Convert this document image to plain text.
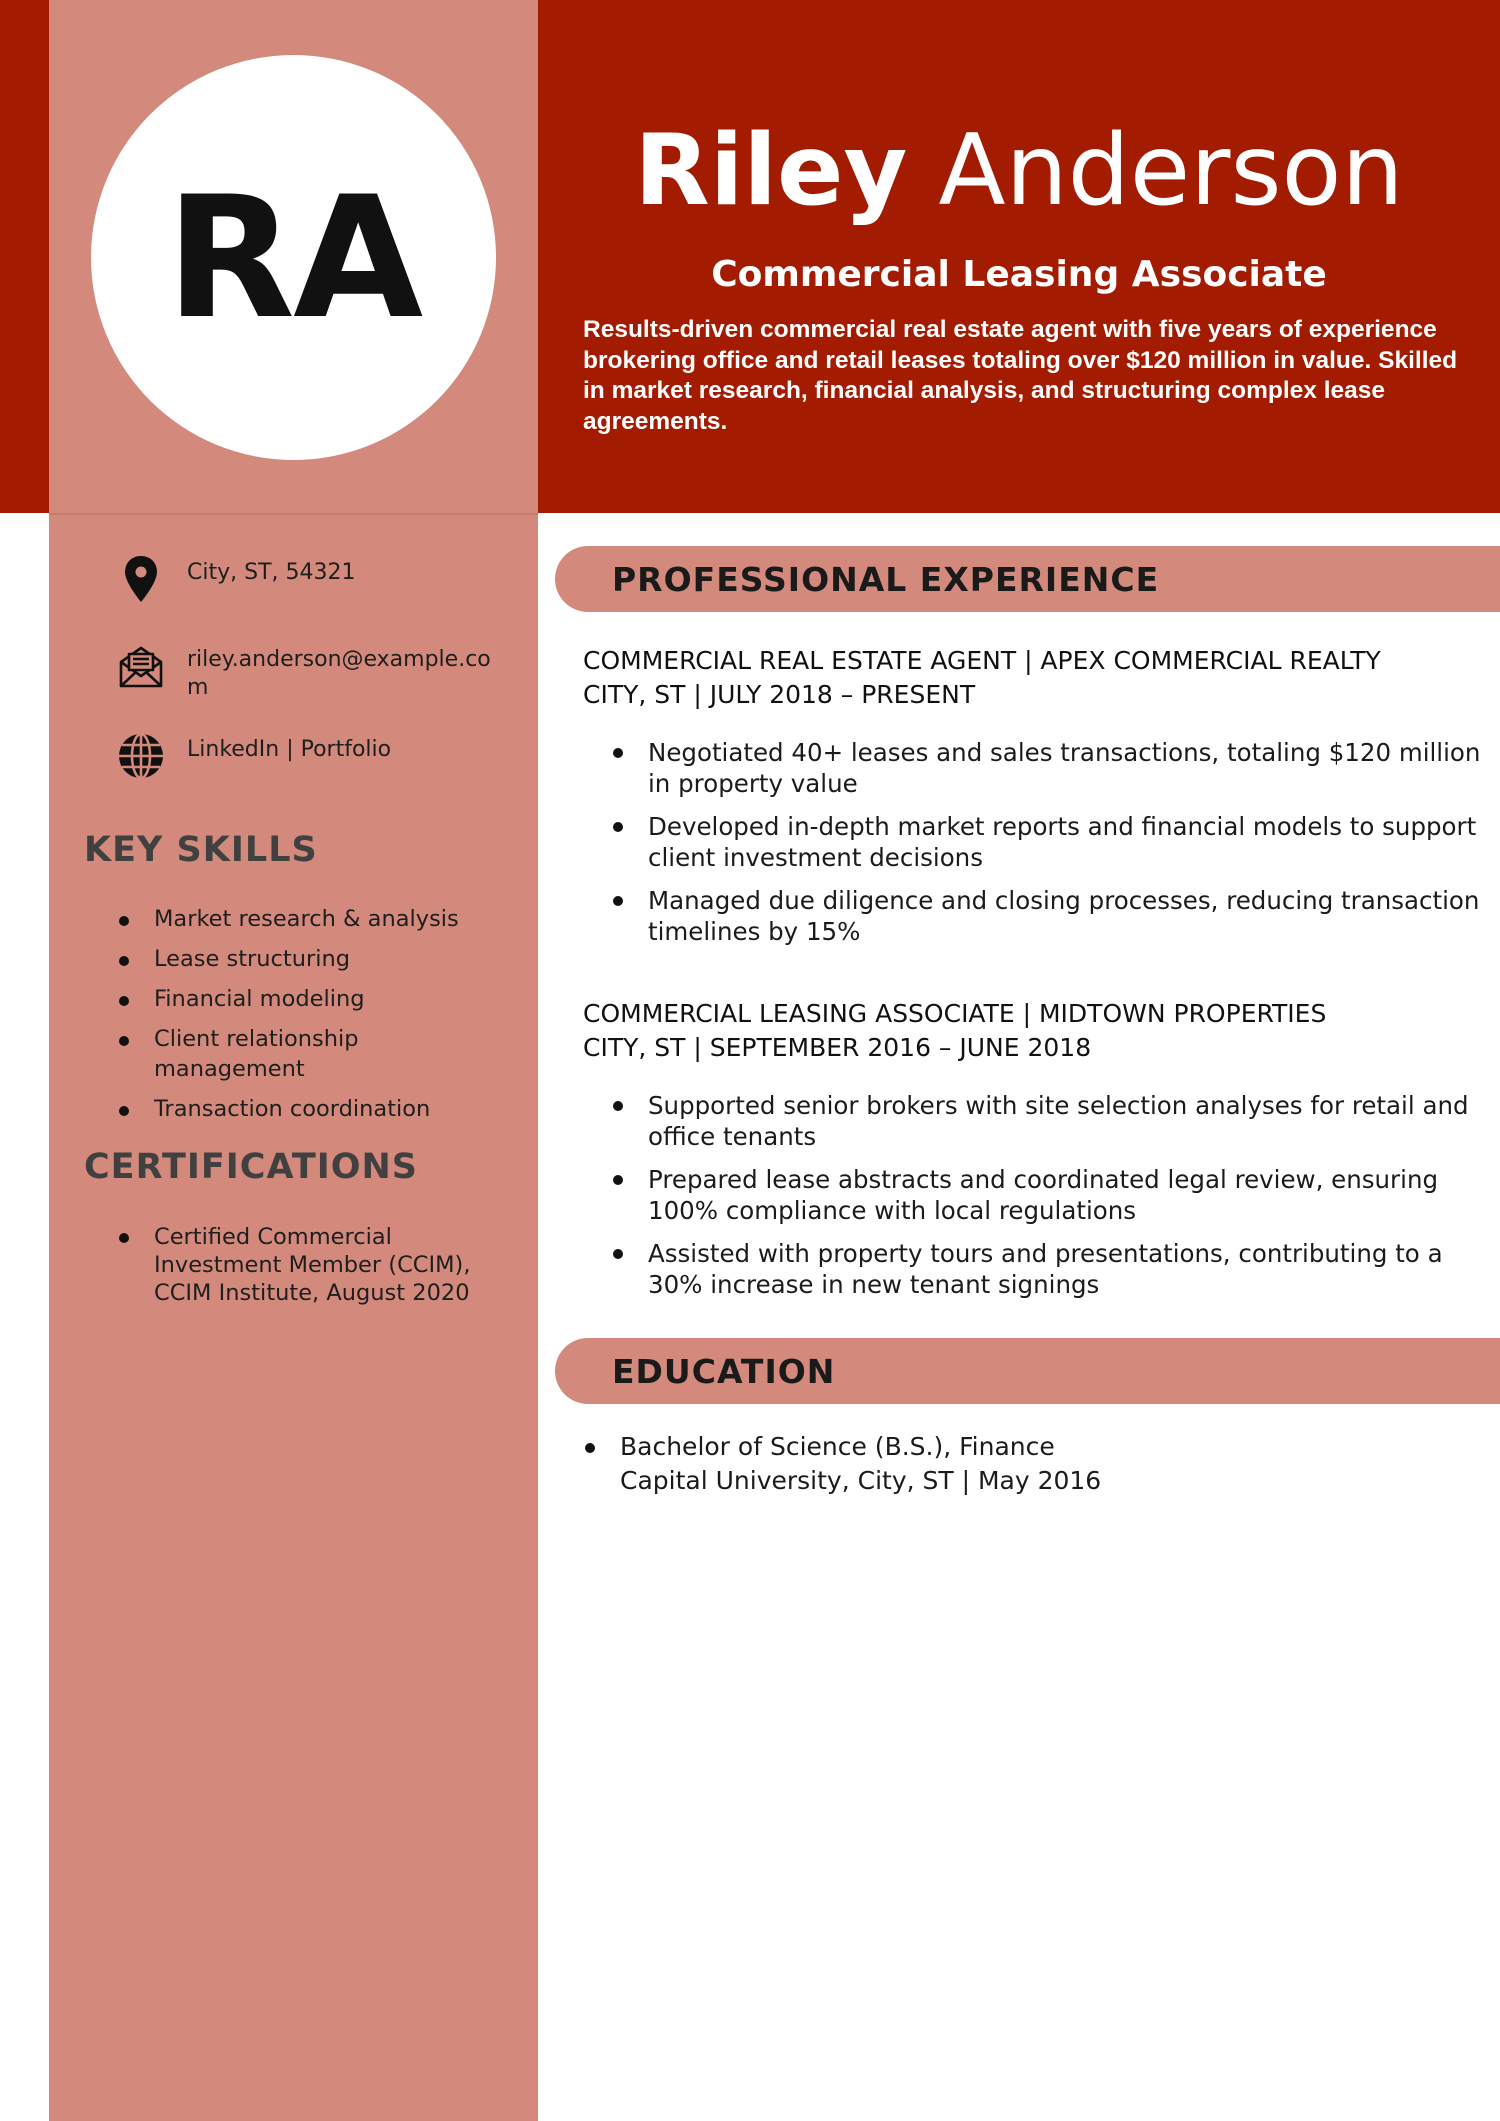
RA	Riley Anderson
Commercial Leasing Associate
Results-driven commercial real estate agent with five years of experience brokering office and retail leases totaling over $120 million in value. Skilled in market research, financial analysis, and structuring complex lease agreements.
City, ST, 54321
riley.anderson@example.com
LinkedIn | Portfolio
KEY SKILLS
Market research & analysis
Lease structuring
Financial modeling
Client relationship management
Transaction coordination
CERTIFICATIONS
Certified Commercial Investment Member (CCIM), CCIM Institute, August 2020
PROFESSIONAL EXPERIENCE
COMMERCIAL REAL ESTATE AGENT | APEX COMMERCIAL REALTY
CITY, ST | JULY 2018 – PRESENT
Negotiated 40+ leases and sales transactions, totaling $120 million in property value
Developed in-depth market reports and financial models to support client investment decisions
Managed due diligence and closing processes, reducing transaction timelines by 15%
COMMERCIAL LEASING ASSOCIATE | MIDTOWN PROPERTIES
CITY, ST | SEPTEMBER 2016 – JUNE 2018
Supported senior brokers with site selection analyses for retail and office tenants
Prepared lease abstracts and coordinated legal review, ensuring 100% compliance with local regulations
Assisted with property tours and presentations, contributing to a 30% increase in new tenant signings
EDUCATION
Bachelor of Science (B.S.), Finance
Capital University, City, ST | May 2016
